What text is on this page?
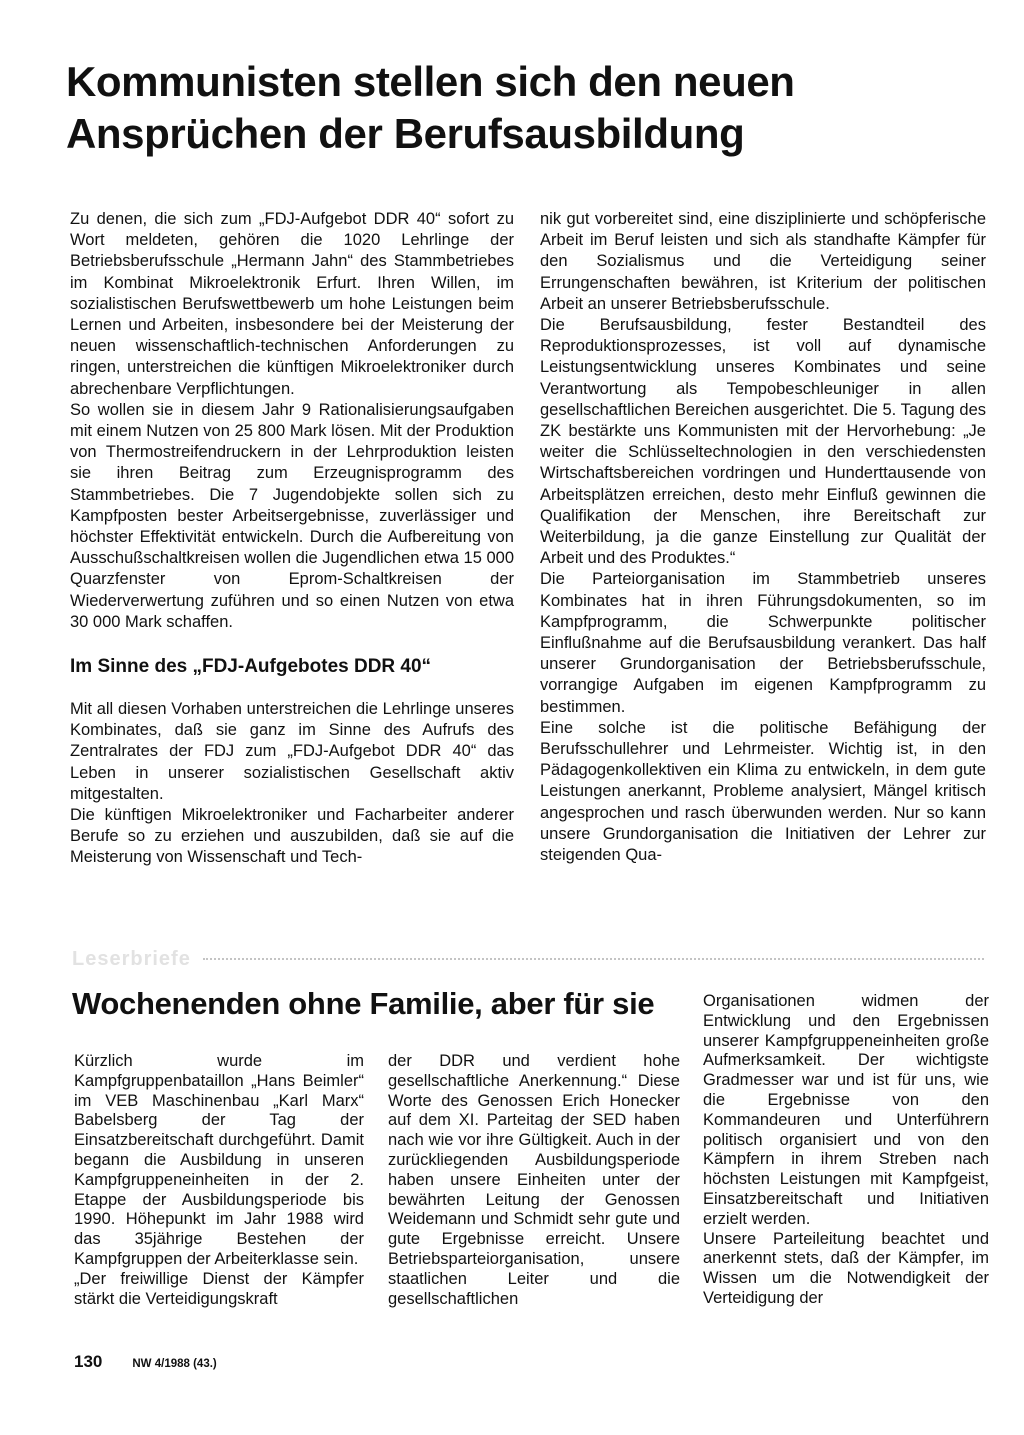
Kommunisten stellen sich den neuen Ansprüchen der Berufsausbildung

Zu denen, die sich zum „FDJ-Aufgebot DDR 40“ sofort zu Wort meldeten, gehören die 1020 Lehrlinge der Betriebsberufsschule „Hermann Jahn“ des Stammbetriebes im Kombinat Mikroelektronik Erfurt. Ihren Willen, im sozialistischen Berufswettbewerb um hohe Leistungen beim Lernen und Arbeiten, insbesondere bei der Meisterung der neuen wissenschaftlich-technischen Anforderungen zu ringen, unterstreichen die künftigen Mikroelektroniker durch abrechenbare Verpflichtungen.

So wollen sie in diesem Jahr 9 Rationalisierungsaufgaben mit einem Nutzen von 25 800 Mark lösen. Mit der Produktion von Thermostreifendruckern in der Lehrproduktion leisten sie ihren Beitrag zum Erzeugnisprogramm des Stammbetriebes. Die 7 Jugendobjekte sollen sich zu Kampfposten bester Arbeitsergebnisse, zuverlässiger und höchster Effektivität entwickeln. Durch die Aufbereitung von Ausschußschaltkreisen wollen die Jugendlichen etwa 15 000 Quarzfenster von Eprom-Schaltkreisen der Wiederverwertung zuführen und so einen Nutzen von etwa 30 000 Mark schaffen.

Im Sinne des „FDJ-Aufgebotes DDR 40“

Mit all diesen Vorhaben unterstreichen die Lehrlinge unseres Kombinates, daß sie ganz im Sinne des Aufrufs des Zentralrates der FDJ zum „FDJ-Aufgebot DDR 40“ das Leben in unserer sozialistischen Gesellschaft aktiv mitgestalten.

Die künftigen Mikroelektroniker und Facharbeiter anderer Berufe so zu erziehen und auszubilden, daß sie auf die Meisterung von Wissenschaft und Tech-

nik gut vorbereitet sind, eine disziplinierte und schöpferische Arbeit im Beruf leisten und sich als standhafte Kämpfer für den Sozialismus und die Verteidigung seiner Errungenschaften bewähren, ist Kriterium der politischen Arbeit an unserer Betriebsberufsschule.

Die Berufsausbildung, fester Bestandteil des Reproduktionsprozesses, ist voll auf dynamische Leistungsentwicklung unseres Kombinates und seine Verantwortung als Tempobeschleuniger in allen gesellschaftlichen Bereichen ausgerichtet. Die 5. Tagung des ZK bestärkte uns Kommunisten mit der Hervorhebung: „Je weiter die Schlüsseltechnologien in den verschiedensten Wirtschaftsbereichen vordringen und Hunderttausende von Arbeitsplätzen erreichen, desto mehr Einfluß gewinnen die Qualifikation der Menschen, ihre Bereitschaft zur Weiterbildung, ja die ganze Einstellung zur Qualität der Arbeit und des Produktes.“

Die Parteiorganisation im Stammbetrieb unseres Kombinates hat in ihren Führungsdokumenten, so im Kampfprogramm, die Schwerpunkte politischer Einflußnahme auf die Berufsausbildung verankert. Das half unserer Grundorganisation der Betriebsberufsschule, vorrangige Aufgaben im eigenen Kampfprogramm zu bestimmen.

Eine solche ist die politische Befähigung der Berufsschullehrer und Lehrmeister. Wichtig ist, in den Pädagogenkollektiven ein Klima zu entwickeln, in dem gute Leistungen anerkannt, Probleme analysiert, Mängel kritisch angesprochen und rasch überwunden werden. Nur so kann unsere Grundorganisation die Initiativen der Lehrer zur steigenden Qua-

Leserbriefe
Wochenenden ohne Familie, aber für sie

Kürzlich wurde im Kampfgruppenbataillon „Hans Beimler“ im VEB Maschinenbau „Karl Marx“ Babelsberg der Tag der Einsatzbereitschaft durchgeführt. Damit begann die Ausbildung in unseren Kampfgruppeneinheiten in der 2. Etappe der Ausbildungsperiode bis 1990. Höhepunkt im Jahr 1988 wird das 35jährige Bestehen der Kampfgruppen der Arbeiterklasse sein.

„Der freiwillige Dienst der Kämpfer stärkt die Verteidigungskraft

der DDR und verdient hohe gesellschaftliche Anerkennung.“ Diese Worte des Genossen Erich Honecker auf dem XI. Parteitag der SED haben nach wie vor ihre Gültigkeit. Auch in der zurückliegenden Ausbildungsperiode haben unsere Einheiten unter der bewährten Leitung der Genossen Weidemann und Schmidt sehr gute und gute Ergebnisse erreicht. Unsere Betriebsparteiorganisation, unsere staatlichen Leiter und die gesellschaftlichen

Organisationen widmen der Entwicklung und den Ergebnissen unserer Kampfgruppeneinheiten große Aufmerksamkeit. Der wichtigste Gradmesser war und ist für uns, wie die Ergebnisse von den Kommandeuren und Unterführern politisch organisiert und von den Kämpfern in ihrem Streben nach höchsten Leistungen mit Kampfgeist, Einsatzbereitschaft und Initiativen erzielt werden.

Unsere Parteileitung beachtet und anerkennt stets, daß der Kämpfer, im Wissen um die Notwendigkeit der Verteidigung der

130	NW 4/1988 (43.)
